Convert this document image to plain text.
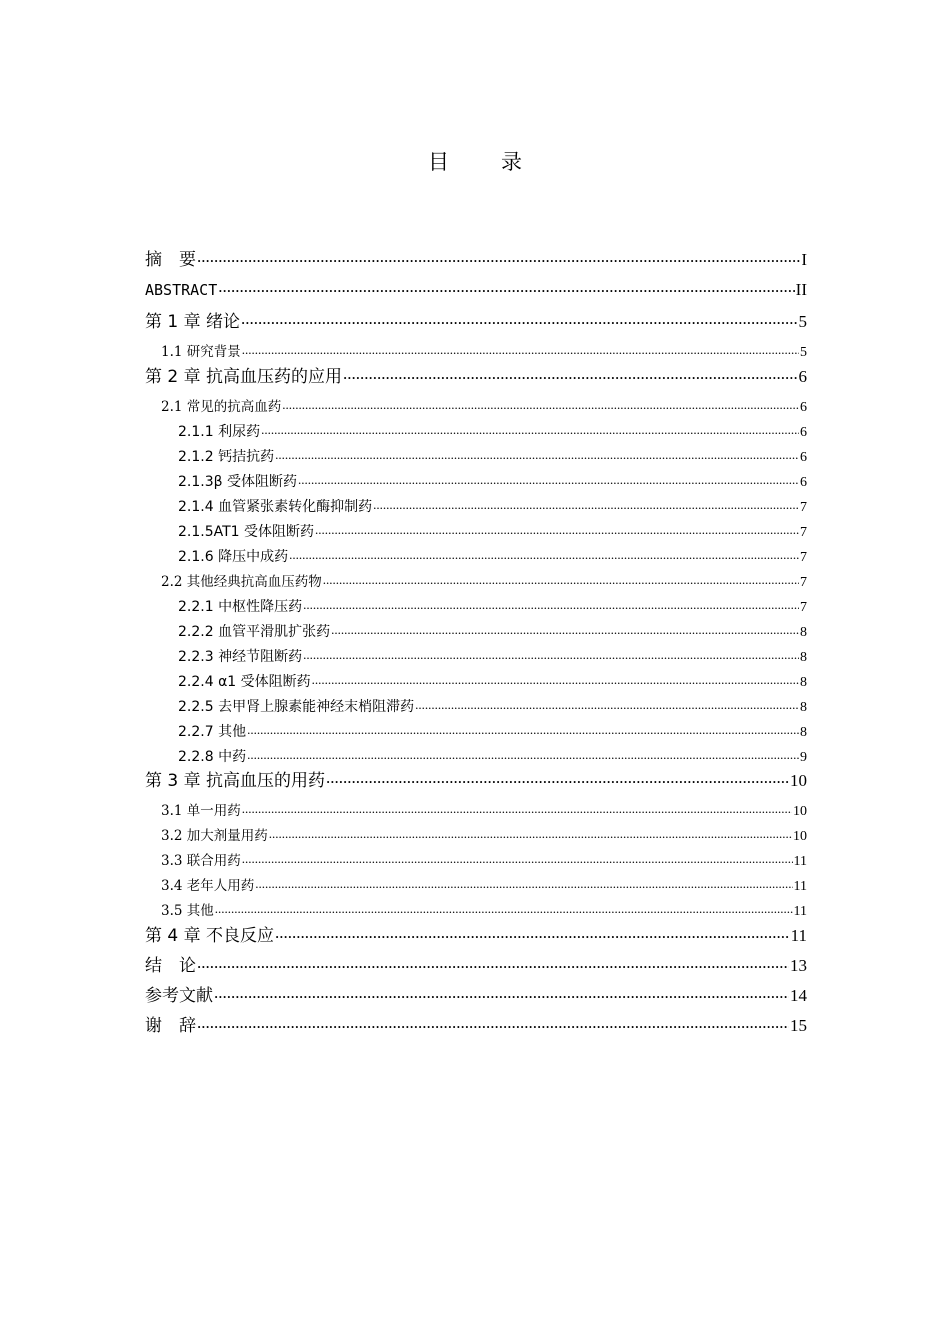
目 录
摘　要 .....	I
ABSTRACT .....	II
第 1 章 绪论 .....	5
1.1 研究背景 .....	5
第 2 章 抗高血压药的应用 .....	6
2.1 常见的抗高血药 .....	6
2.1.1 利尿药 .....	6
2.1.2 钙拮抗药 .....	6
2.1.3β 受体阻断药 .....	6
2.1.4 血管紧张素转化酶抑制药 .....	7
2.1.5AT1 受体阻断药 .....	7
2.1.6 降压中成药 .....	7
2.2 其他经典抗高血压药物 .....	7
2.2.1 中枢性降压药 .....	7
2.2.2 血管平滑肌扩张药 .....	8
2.2.3 神经节阻断药 .....	8
2.2.4 α1 受体阻断药 .....	8
2.2.5 去甲肾上腺素能神经末梢阻滞药 .....	8
2.2.7 其他 .....	8
2.2.8 中药 .....	9
第 3 章 抗高血压的用药 .....	10
3.1 单一用药 .....	10
3.2 加大剂量用药 .....	10
3.3 联合用药 .....	11
3.4 老年人用药 .....	11
3.5 其他 .....	11
第 4 章 不良反应 .....	11
结　论 .....	13
参考文献 .....	14
谢　辞 .....	15
